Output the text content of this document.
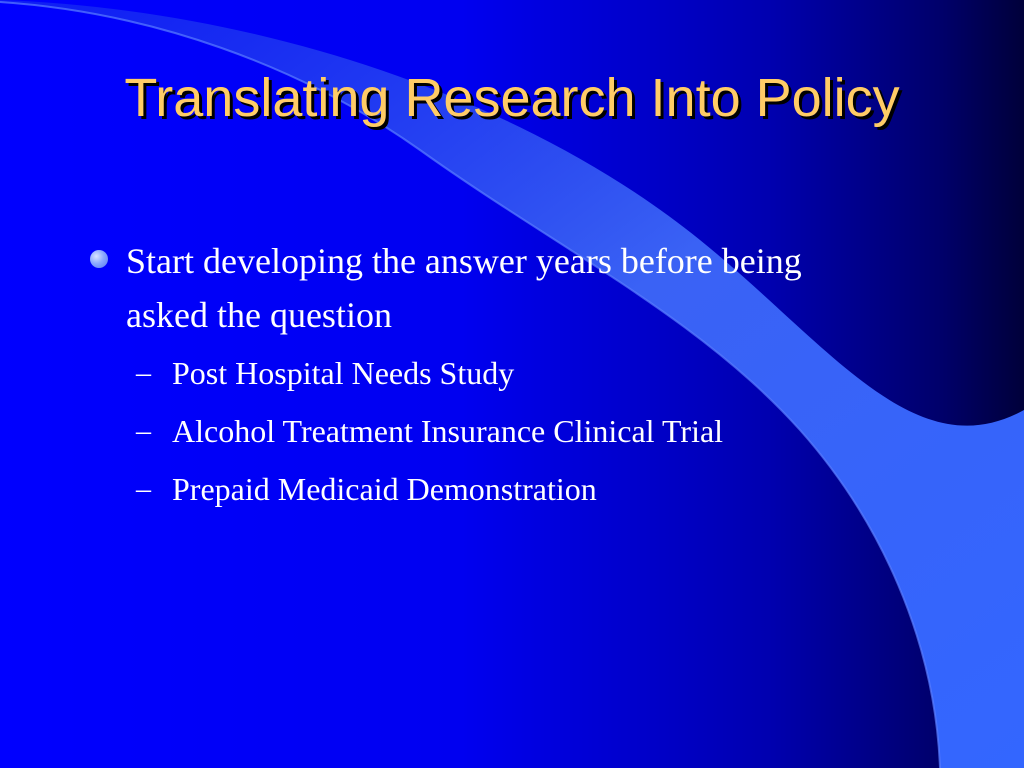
Translating Research Into Policy
Start developing the answer years before being asked the question
– Post Hospital Needs Study
– Alcohol Treatment Insurance Clinical Trial
– Prepaid Medicaid Demonstration
